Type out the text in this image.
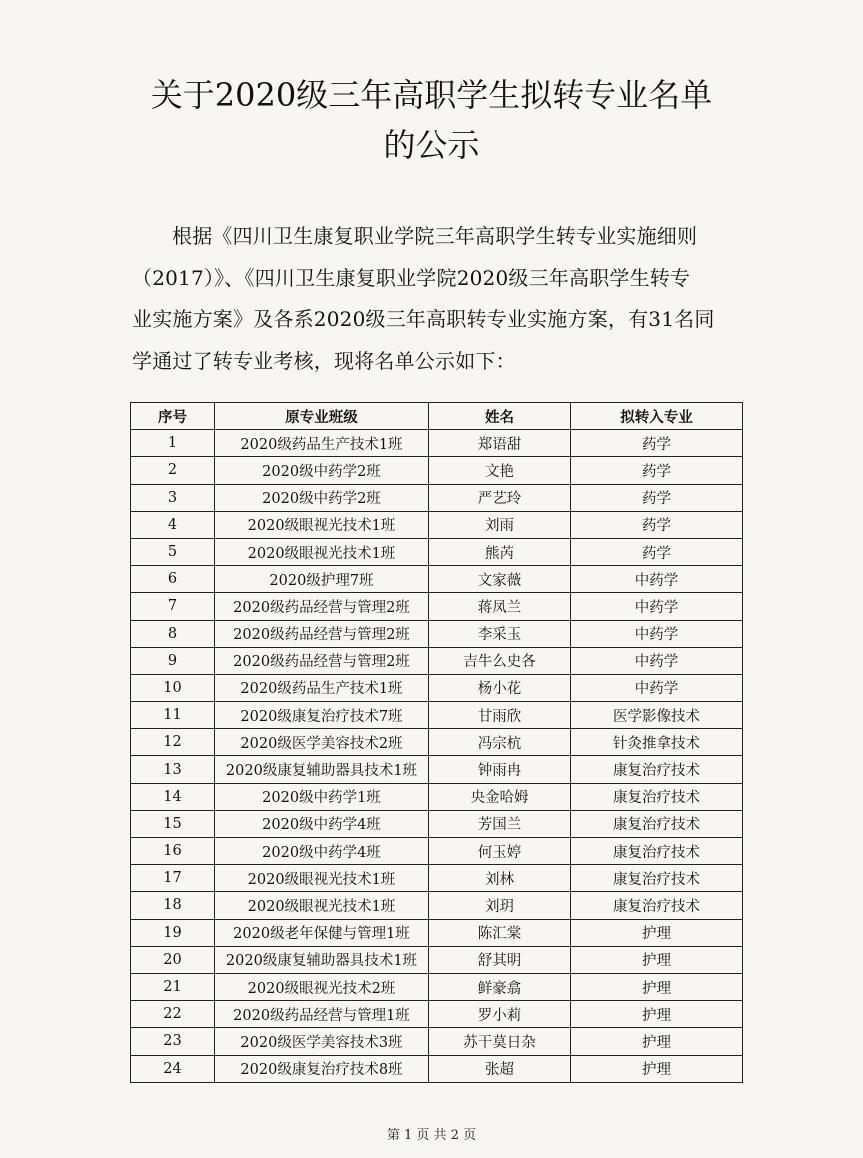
关于2020级三年高职学生拟转专业名单
的公示

根据《四川卫生康复职业学院三年高职学生转专业实施细则
（2017）》、《四川卫生康复职业学院2020级三年高职学生转专
业实施方案》及各系2020级三年高职转专业实施方案，有31名同
学通过了转专业考核，现将名单公示如下：

序号	原专业班级	姓名	拟转入专业
1	2020级药品生产技术1班	郑语甜	药学
2	2020级中药学2班	文艳	药学
3	2020级中药学2班	严艺玲	药学
4	2020级眼视光技术1班	刘雨	药学
5	2020级眼视光技术1班	熊芮	药学
6	2020级护理7班	文家薇	中药学
7	2020级药品经营与管理2班	蒋凤兰	中药学
8	2020级药品经营与管理2班	李采玉	中药学
9	2020级药品经营与管理2班	吉牛么史各	中药学
10	2020级药品生产技术1班	杨小花	中药学
11	2020级康复治疗技术7班	甘雨欣	医学影像技术
12	2020级医学美容技术2班	冯宗杭	针灸推拿技术
13	2020级康复辅助器具技术1班	钟雨冉	康复治疗技术
14	2020级中药学1班	央金哈姆	康复治疗技术
15	2020级中药学4班	芳国兰	康复治疗技术
16	2020级中药学4班	何玉婷	康复治疗技术
17	2020级眼视光技术1班	刘林	康复治疗技术
18	2020级眼视光技术1班	刘玥	康复治疗技术
19	2020级老年保健与管理1班	陈汇棠	护理
20	2020级康复辅助器具技术1班	舒其明	护理
21	2020级眼视光技术2班	鲜豪翕	护理
22	2020级药品经营与管理1班	罗小莉	护理
23	2020级医学美容技术3班	苏干莫日杂	护理
24	2020级康复治疗技术8班	张超	护理
第 1 页 共 2 页
